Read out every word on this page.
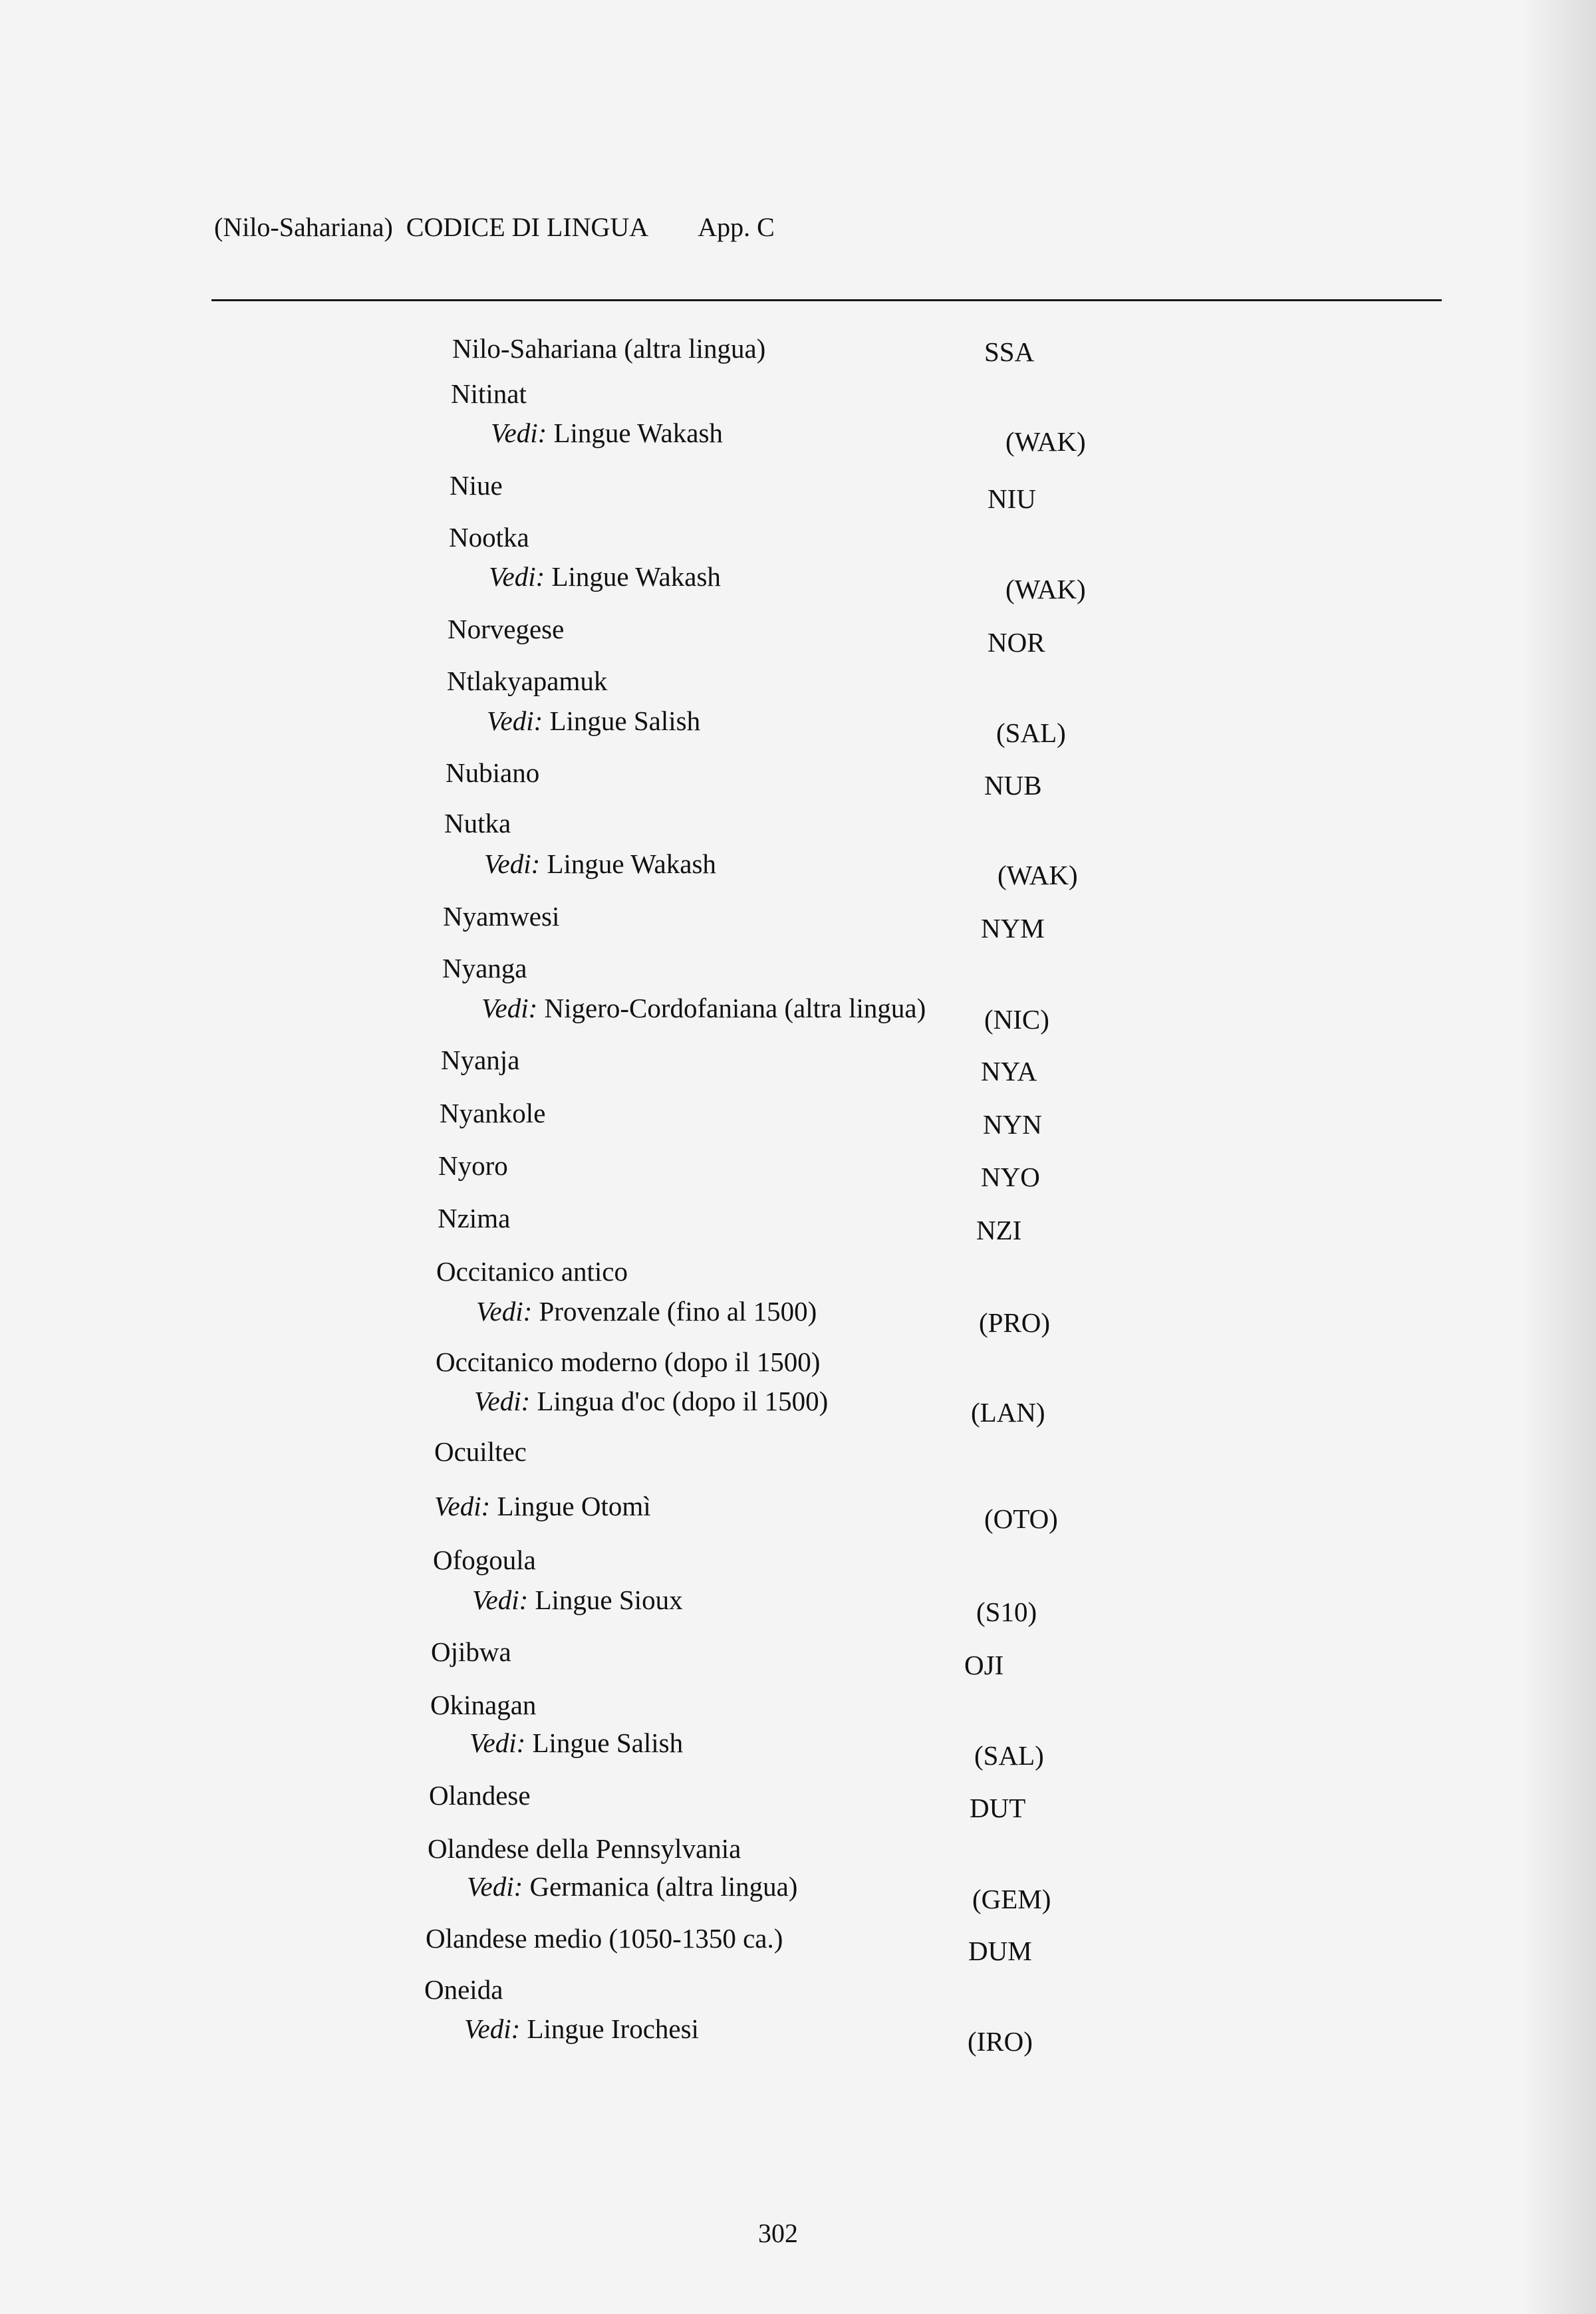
(Nilo-Sahariana) CODICE DI LINGUA App. C
Nilo-Sahariana (altra lingua)	SSA
Nitinat
Vedi: Lingue Wakash	(WAK)
Niue	NIU
Nootka
Vedi: Lingue Wakash	(WAK)
Norvegese	NOR
Ntlakyapamuk
Vedi: Lingue Salish	(SAL)
Nubiano	NUB
Nutka
Vedi: Lingue Wakash	(WAK)
Nyamwesi	NYM
Nyanga
Vedi: Nigero-Cordofaniana (altra lingua) (NIC)
Nyanja	NYA
Nyankole	NYN
Nyoro	NYO
Nzima	NZI
Occitanico antico
Vedi: Provenzale (fino al 1500)	(PRO)
Occitanico moderno (dopo il 1500)
Vedi: Lingua d'oc (dopo il 1500)	(LAN)
Ocuiltec
Vedi: Lingue Otomì	(OTO)
Ofogoula
Vedi: Lingue Sioux	(S10)
Ojibwa	OJI
Okinagan
Vedi: Lingue Salish	(SAL)
Olandese	DUT
Olandese della Pennsylvania
Vedi: Germanica (altra lingua)	(GEM)
Olandese medio (1050-1350 ca.)	DUM
Oneida
Vedi: Lingue Irochesi	(IRO)
302
